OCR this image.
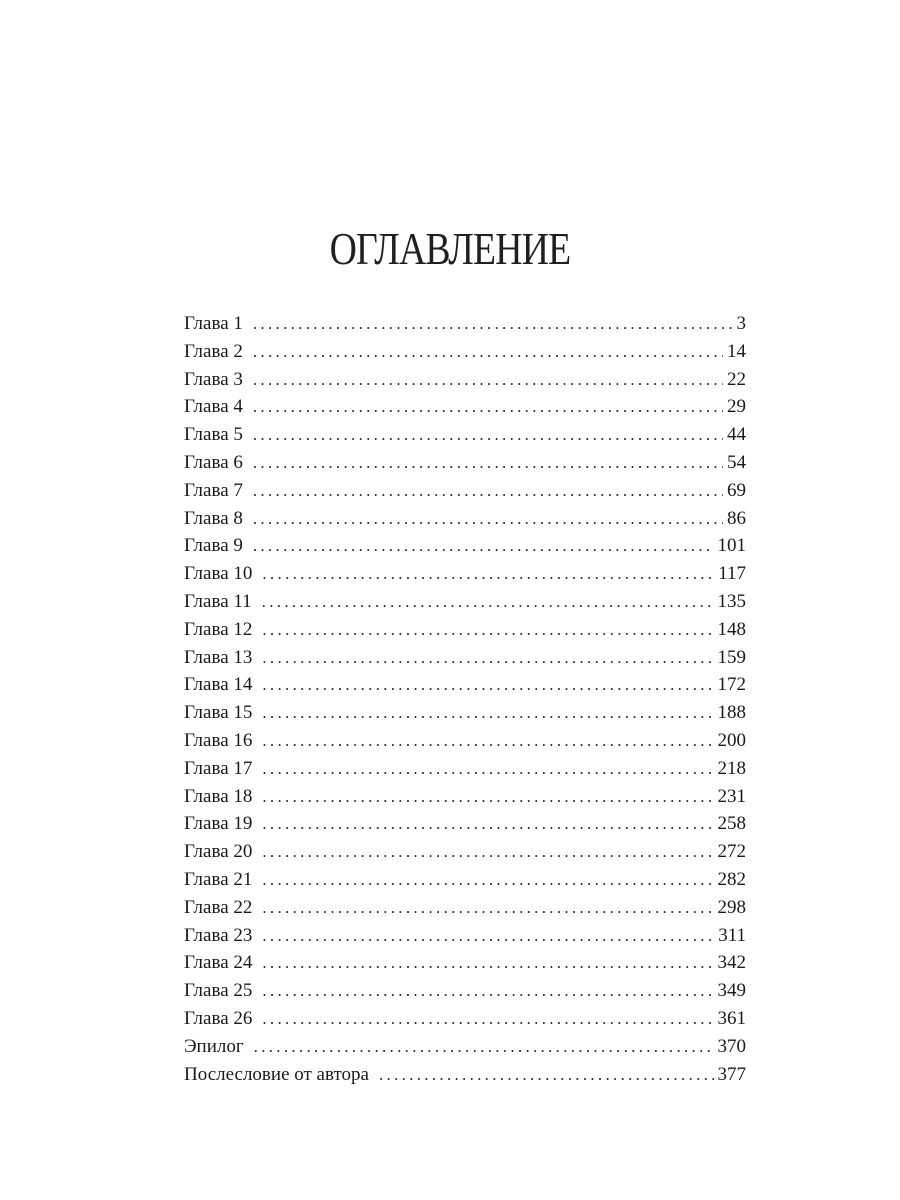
ОГЛАВЛЕНИЕ
Глава 1 .....	3
Глава 2 .....	14
Глава 3 .....	22
Глава 4 .....	29
Глава 5 .....	44
Глава 6 .....	54
Глава 7 .....	69
Глава 8 .....	86
Глава 9 .....	101
Глава 10 .....	117
Глава 11 .....	135
Глава 12 .....	148
Глава 13 .....	159
Глава 14 .....	172
Глава 15 .....	188
Глава 16 .....	200
Глава 17 .....	218
Глава 18 .....	231
Глава 19 .....	258
Глава 20 .....	272
Глава 21 .....	282
Глава 22 .....	298
Глава 23 .....	311
Глава 24 .....	342
Глава 25 .....	349
Глава 26 .....	361
Эпилог .....	370
Послесловие от автора .....	377
